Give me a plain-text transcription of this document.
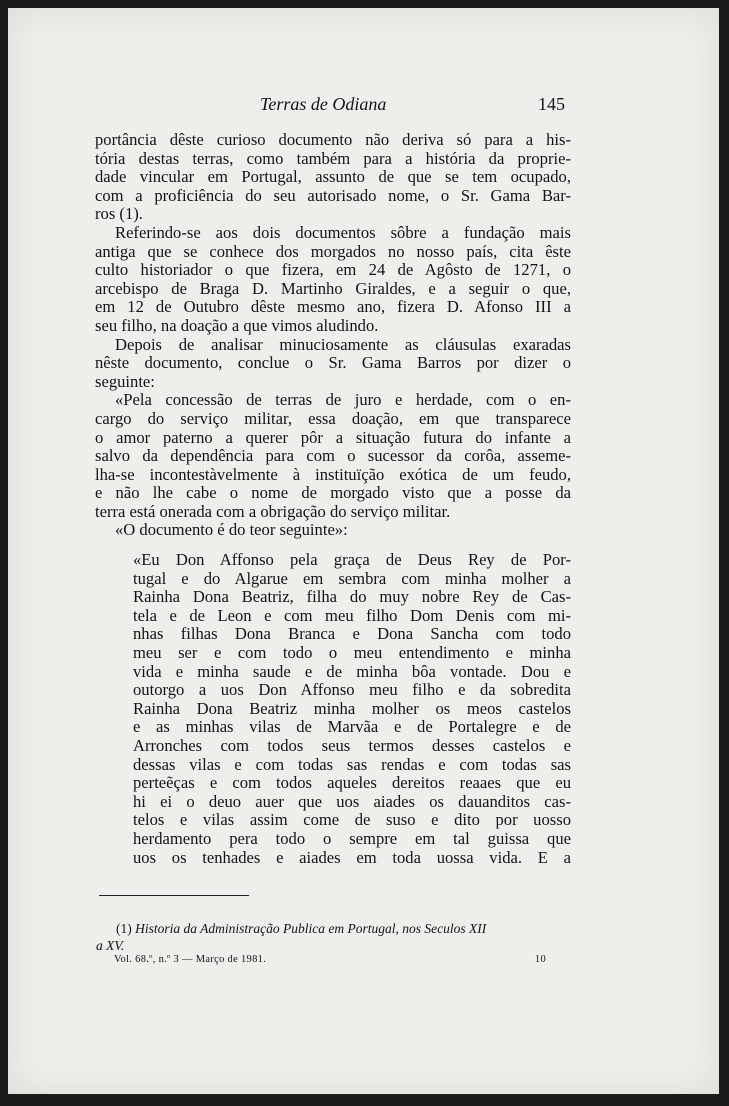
Terras de Odiana	145
portância dêste curioso documento não deriva só para a his-
tória destas terras, como também para a história da proprie-
dade vincular em Portugal, assunto de que se tem ocupado,
com a proficiência do seu autorisado nome, o Sr. Gama Bar-
ros (1).
Referindo-se aos dois documentos sôbre a fundação mais
antiga que se conhece dos morgados no nosso país, cita êste
culto historiador o que fizera, em 24 de Agôsto de 1271, o
arcebispo de Braga D. Martinho Giraldes, e a seguir o que,
em 12 de Outubro dêste mesmo ano, fizera D. Afonso III a
seu filho, na doação a que vimos aludindo.
Depois de analisar minuciosamente as cláusulas exaradas
nêste documento, conclue o Sr. Gama Barros por dizer o
seguinte:
«Pela concessão de terras de juro e herdade, com o en-
cargo do serviço militar, essa doação, em que transparece
o amor paterno a querer pôr a situação futura do infante a
salvo da dependência para com o sucessor da corôa, asseme-
lha-se incontestàvelmente à instituïção exótica de um feudo,
e não lhe cabe o nome de morgado visto que a posse da
terra está onerada com a obrigação do serviço militar.
«O documento é do teor seguinte»:
«Eu Don Affonso pela graça de Deus Rey de Por-
tugal e do Algarue em sembra com minha molher a
Rainha Dona Beatriz, filha do muy nobre Rey de Cas-
tela e de Leon e com meu filho Dom Denis com mi-
nhas filhas Dona Branca e Dona Sancha com todo
meu ser e com todo o meu entendimento e minha
vida e minha saude e de minha bôa vontade. Dou e
outorgo a uos Don Affonso meu filho e da sobredita
Rainha Dona Beatriz minha molher os meos castelos
e as minhas vilas de Marvãa e de Portalegre e de
Arronches com todos seus termos desses castelos e
dessas vilas e com todas sas rendas e com todas sas
perteẽças e com todos aqueles dereitos reaaes que eu
hi ei o deuo auer que uos aiades os dauanditos cas-
telos e vilas assim come de suso e dito por uosso
herdamento pera todo o sempre em tal guissa que
uos os tenhades e aiades em toda uossa vida. E a
(1) Historia da Administração Publica em Portugal, nos Seculos XII
a XV.
Vol. 68.º, n.º 3 — Março de 1981.	10
